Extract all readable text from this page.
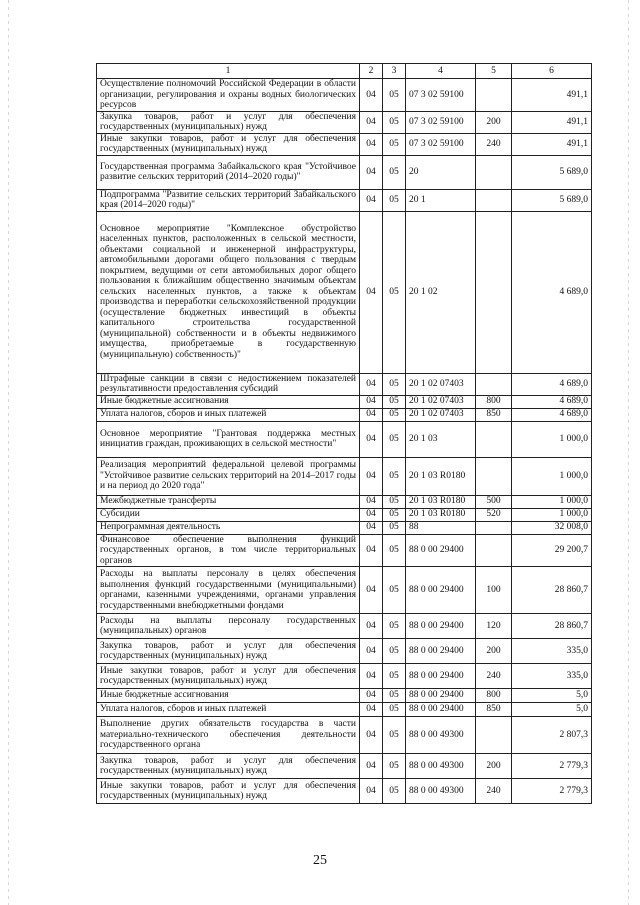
1	2	3	4	5	6
Осуществление полномочий Российской Федерации в области организации, регулирования и охраны водных биологических ресурсов	04	05	07 3 02 59100		491,1
Закупка товаров, работ и услуг для обеспечения государственных (муниципальных) нужд	04	05	07 3 02 59100	200	491,1
Иные закупки товаров, работ и услуг для обеспечения государственных (муниципальных) нужд	04	05	07 3 02 59100	240	491,1
Государственная программа Забайкальского края "Устойчивое развитие сельских территорий (2014–2020 годы)"	04	05	20		5 689,0
Подпрограмма "Развитие сельских территорий Забайкальского края (2014–2020 годы)"	04	05	20 1		5 689,0
Основное мероприятие "Комплексное обустройство населенных пунктов, расположенных в сельской местности, объектами социальной и инженерной инфраструктуры, автомобильными дорогами общего пользования с твердым покрытием, ведущими от сети автомобильных дорог общего пользования к ближайшим общественно значимым объектам сельских населенных пунктов, а также к объектам производства и переработки сельскохозяйственной продукции (осуществление бюджетных инвестиций в объекты капитального строительства государственной (муниципальной) собственности и в объекты недвижимого имущества, приобретаемые в государственную (муниципальную) собственность)"	04	05	20 1 02		4 689,0
Штрафные санкции в связи с недостижением показателей результативности предоставления субсидий	04	05	20 1 02 07403		4 689,0
Иные бюджетные ассигнования	04	05	20 1 02 07403	800	4 689,0
Уплата налогов, сборов и иных платежей	04	05	20 1 02 07403	850	4 689,0
Основное мероприятие "Грантовая поддержка местных инициатив граждан, проживающих в сельской местности"	04	05	20 1 03		1 000,0
Реализация мероприятий федеральной целевой программы "Устойчивое развитие сельских территорий на 2014–2017 годы и на период до 2020 года"	04	05	20 1 03 R0180		1 000,0
Межбюджетные трансферты	04	05	20 1 03 R0180	500	1 000,0
Субсидии	04	05	20 1 03 R0180	520	1 000,0
Непрограммная деятельность	04	05	88		32 008,0
Финансовое обеспечение выполнения функций государственных органов, в том числе территориальных органов	04	05	88 0 00 29400		29 200,7
Расходы на выплаты персоналу в целях обеспечения выполнения функций государственными (муниципальными) органами, казенными учреждениями, органами управления государственными внебюджетными фондами	04	05	88 0 00 29400	100	28 860,7
Расходы на выплаты персоналу государственных (муниципальных) органов	04	05	88 0 00 29400	120	28 860,7
Закупка товаров, работ и услуг для обеспечения государственных (муниципальных) нужд	04	05	88 0 00 29400	200	335,0
Иные закупки товаров, работ и услуг для обеспечения государственных (муниципальных) нужд	04	05	88 0 00 29400	240	335,0
Иные бюджетные ассигнования	04	05	88 0 00 29400	800	5,0
Уплата налогов, сборов и иных платежей	04	05	88 0 00 29400	850	5,0
Выполнение других обязательств государства в части материально-технического обеспечения деятельности государственного органа	04	05	88 0 00 49300		2 807,3
Закупка товаров, работ и услуг для обеспечения государственных (муниципальных) нужд	04	05	88 0 00 49300	200	2 779,3
Иные закупки товаров, работ и услуг для обеспечения государственных (муниципальных) нужд	04	05	88 0 00 49300	240	2 779,3
25
